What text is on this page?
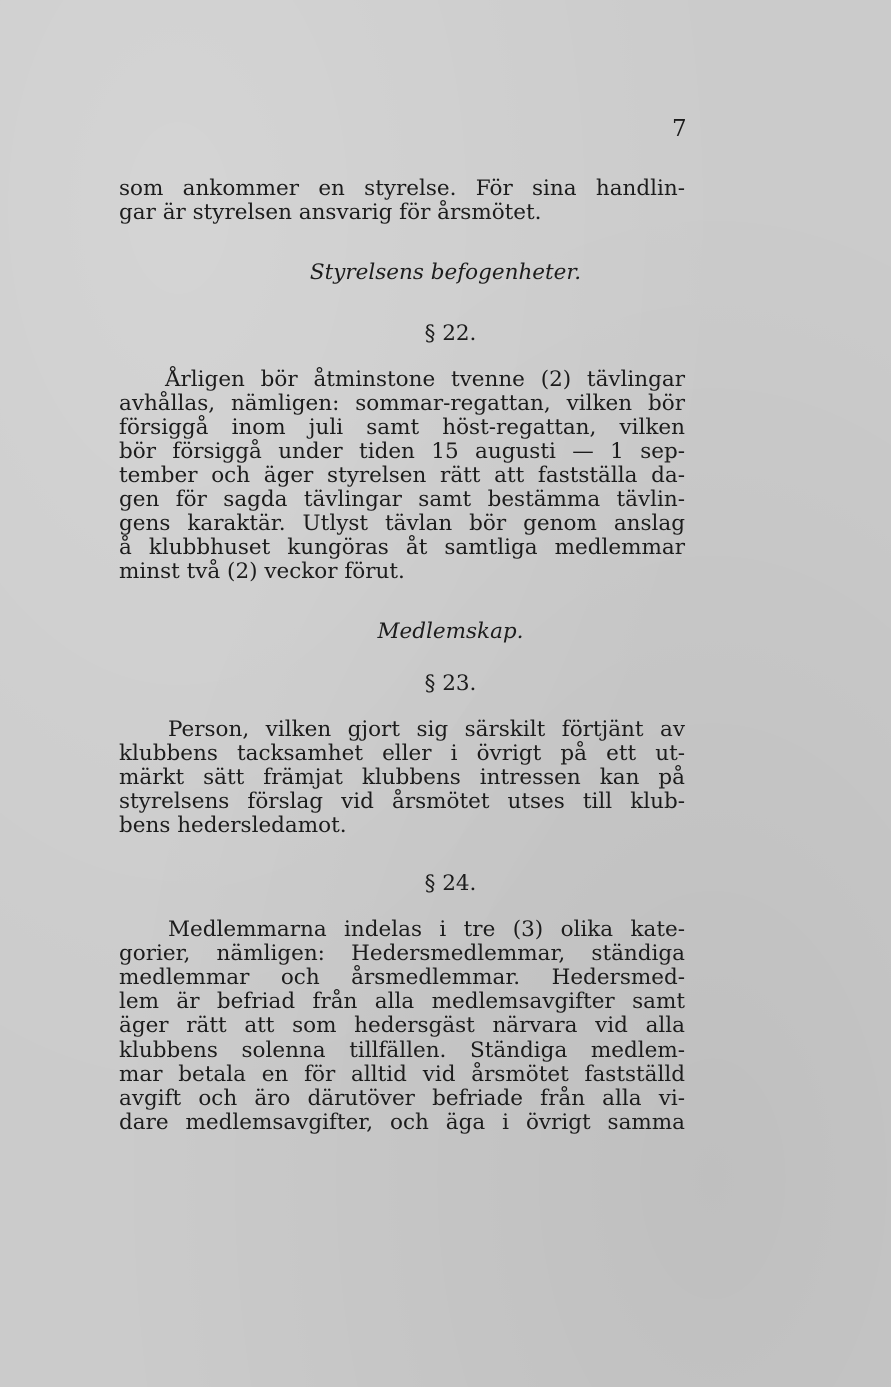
7
som ankommer en styrelse. För sina handlin-
gar är styrelsen ansvarig för årsmötet.
Styrelsens befogenheter.
§ 22.
Årligen bör åtminstone tvenne (2) tävlingar
avhållas, nämligen: sommar-regattan, vilken bör
försiggå inom juli samt höst-regattan, vilken
bör försiggå under tiden 15 augusti — 1 sep-
tember och äger styrelsen rätt att fastställa da-
gen för sagda tävlingar samt bestämma tävlin-
gens karaktär. Utlyst tävlan bör genom anslag
å klubbhuset kungöras åt samtliga medlemmar
minst två (2) veckor förut.
Medlemskap.
§ 23.
Person, vilken gjort sig särskilt förtjänt av
klubbens tacksamhet eller i övrigt på ett ut-
märkt sätt främjat klubbens intressen kan på
styrelsens förslag vid årsmötet utses till klub-
bens hedersledamot.
§ 24.
Medlemmarna indelas i tre (3) olika kate-
gorier, nämligen: Hedersmedlemmar, ständiga
medlemmar och årsmedlemmar. Hedersmed-
lem är befriad från alla medlemsavgifter samt
äger rätt att som hedersgäst närvara vid alla
klubbens solenna tillfällen. Ständiga medlem-
mar betala en för alltid vid årsmötet fastställd
avgift och äro därutöver befriade från alla vi-
dare medlemsavgifter, och äga i övrigt samma
